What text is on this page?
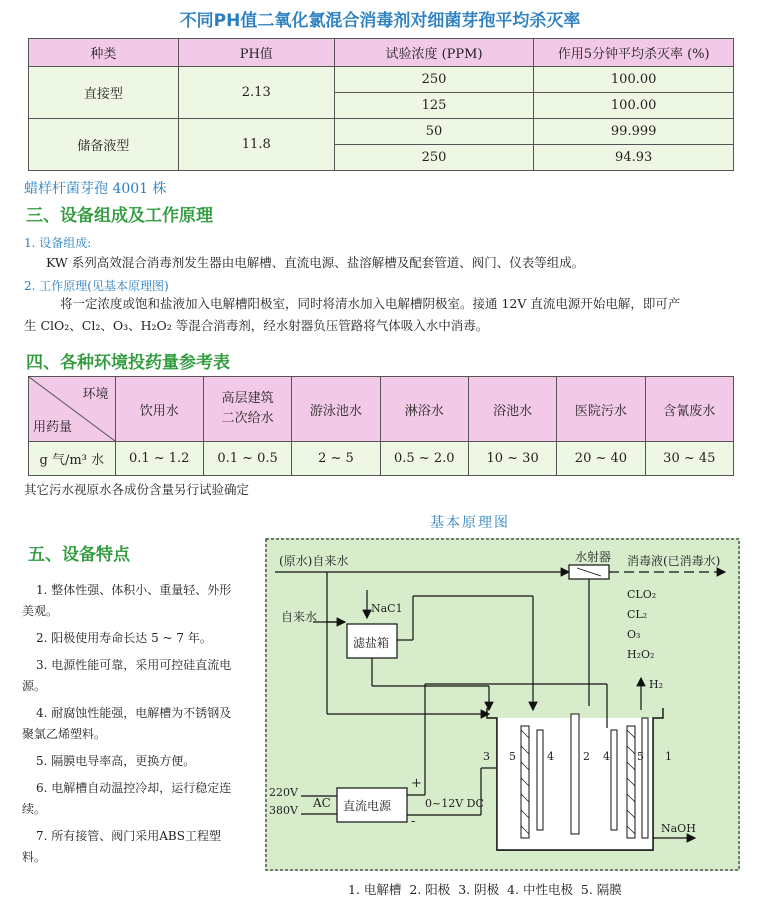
不同PH值二氧化氯混合消毒剂对细菌芽孢平均杀灭率
种类	PH值	试验浓度 (PPM)	作用5分钟平均杀灭率 (%)
直接型	2.13	250	100.00
		125	100.00
储备液型	11.8	50	99.999
		250	94.93
蜡样杆菌芽孢 4001 株
三、设备组成及工作原理
1. 设备组成:
KW 系列高效混合消毒剂发生器由电解槽、直流电源、盐溶解槽及配套管道、阀门、仪表等组成。
2. 工作原理(见基本原理图)
将一定浓度或饱和盐液加入电解槽阳极室，同时将清水加入电解槽阴极室。接通 12V 直流电源开始电解，即可产
生 ClO₂、Cl₂、O₃、H₂O₂ 等混合消毒剂，经水射器负压管路将气体吸入水中消毒。
四、各种环境投药量参考表
环境
用药量	饮用水	高层建筑
二次给水	游泳池水	淋浴水	浴池水	医院污水	含氰废水
g 气/m³ 水	0.1 ~ 1.2	0.1 ~ 0.5	2 ~ 5	0.5 ~ 2.0	10 ~ 30	20 ~ 40	30 ~ 45
其它污水视原水各成份含量另行试验确定
五、设备特点
1. 整体性强、体积小、重量轻、外形美观。
2. 阳极使用寿命长达 5 ~ 7 年。
3. 电源性能可靠，采用可控硅直流电源。
4. 耐腐蚀性能强，电解槽为不锈钢及聚氯乙烯塑料。
5. 隔膜电导率高，更换方便。
6. 电解槽自动温控冷却，运行稳定连续。
7. 所有接管、阀门采用ABS工程塑料。
基本原理图
(原水)自来水	水射器 消毒液(已消毒水)
CLO₂
CL₂
O₃
H₂O₂
自来水
NaC1
滤盐箱
H₂
220V
380V
AC 直流电源
+
-
0~12V DC
NaOH
3 5	4	2 4 5 1
1. 电解槽  2. 阳极  3. 阴极  4. 中性电极  5. 隔膜
